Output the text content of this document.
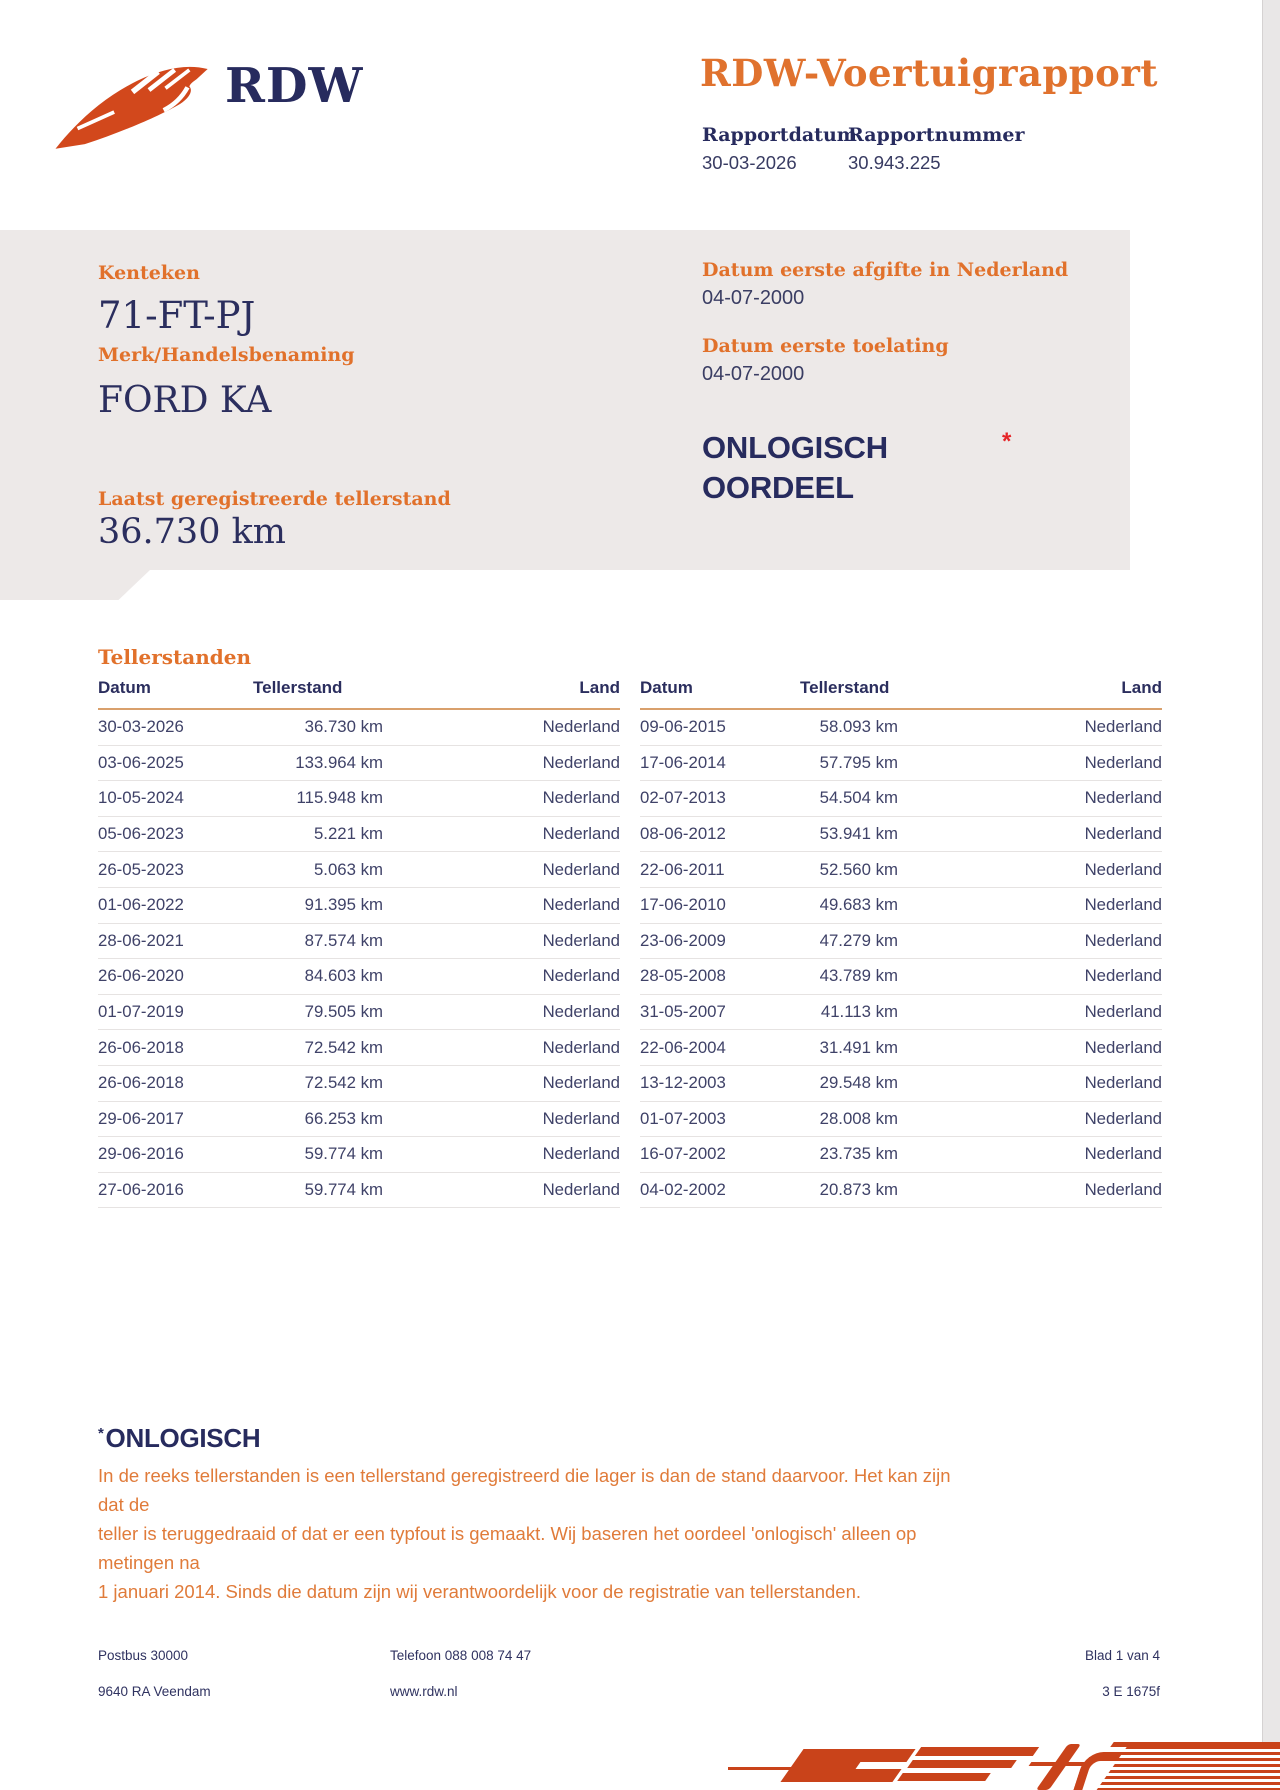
RDW	RDW-Voertuigrapport
Rapportdatum
Rapportnummer
30-03-2026	30.943.225
Kenteken
71-FT-PJ
Merk/Handelsbenaming
FORD KA
Laatst geregistreerde tellerstand
36.730 km
Datum eerste afgifte in Nederland
04-07-2000
Datum eerste toelating
04-07-2000
ONLOGISCH
OORDEEL
*
Tellerstanden
Datum	Tellerstand	Land
30-03-2026	36.730 km	Nederland
03-06-2025	133.964 km	Nederland
10-05-2024	115.948 km	Nederland
05-06-2023	5.221 km	Nederland
26-05-2023	5.063 km	Nederland
01-06-2022	91.395 km	Nederland
28-06-2021	87.574 km	Nederland
26-06-2020	84.603 km	Nederland
01-07-2019	79.505 km	Nederland
26-06-2018	72.542 km	Nederland
26-06-2018	72.542 km	Nederland
29-06-2017	66.253 km	Nederland
29-06-2016	59.774 km	Nederland
27-06-2016	59.774 km	Nederland
Datum	Tellerstand	Land
09-06-2015	58.093 km	Nederland
17-06-2014	57.795 km	Nederland
02-07-2013	54.504 km	Nederland
08-06-2012	53.941 km	Nederland
22-06-2011	52.560 km	Nederland
17-06-2010	49.683 km	Nederland
23-06-2009	47.279 km	Nederland
28-05-2008	43.789 km	Nederland
31-05-2007	41.113 km	Nederland
22-06-2004	31.491 km	Nederland
13-12-2003	29.548 km	Nederland
01-07-2003	28.008 km	Nederland
16-07-2002	23.735 km	Nederland
04-02-2002	20.873 km	Nederland
*ONLOGISCH
In de reeks tellerstanden is een tellerstand geregistreerd die lager is dan de stand daarvoor. Het kan zijn dat de
teller is teruggedraaid of dat er een typfout is gemaakt. Wij baseren het oordeel 'onlogisch' alleen op metingen na
1 januari 2014. Sinds die datum zijn wij verantwoordelijk voor de registratie van tellerstanden.
Postbus 30000	Telefoon 088 008 74 47	Blad 1 van 4
9640 RA Veendam	www.rdw.nl	3 E 1675f
